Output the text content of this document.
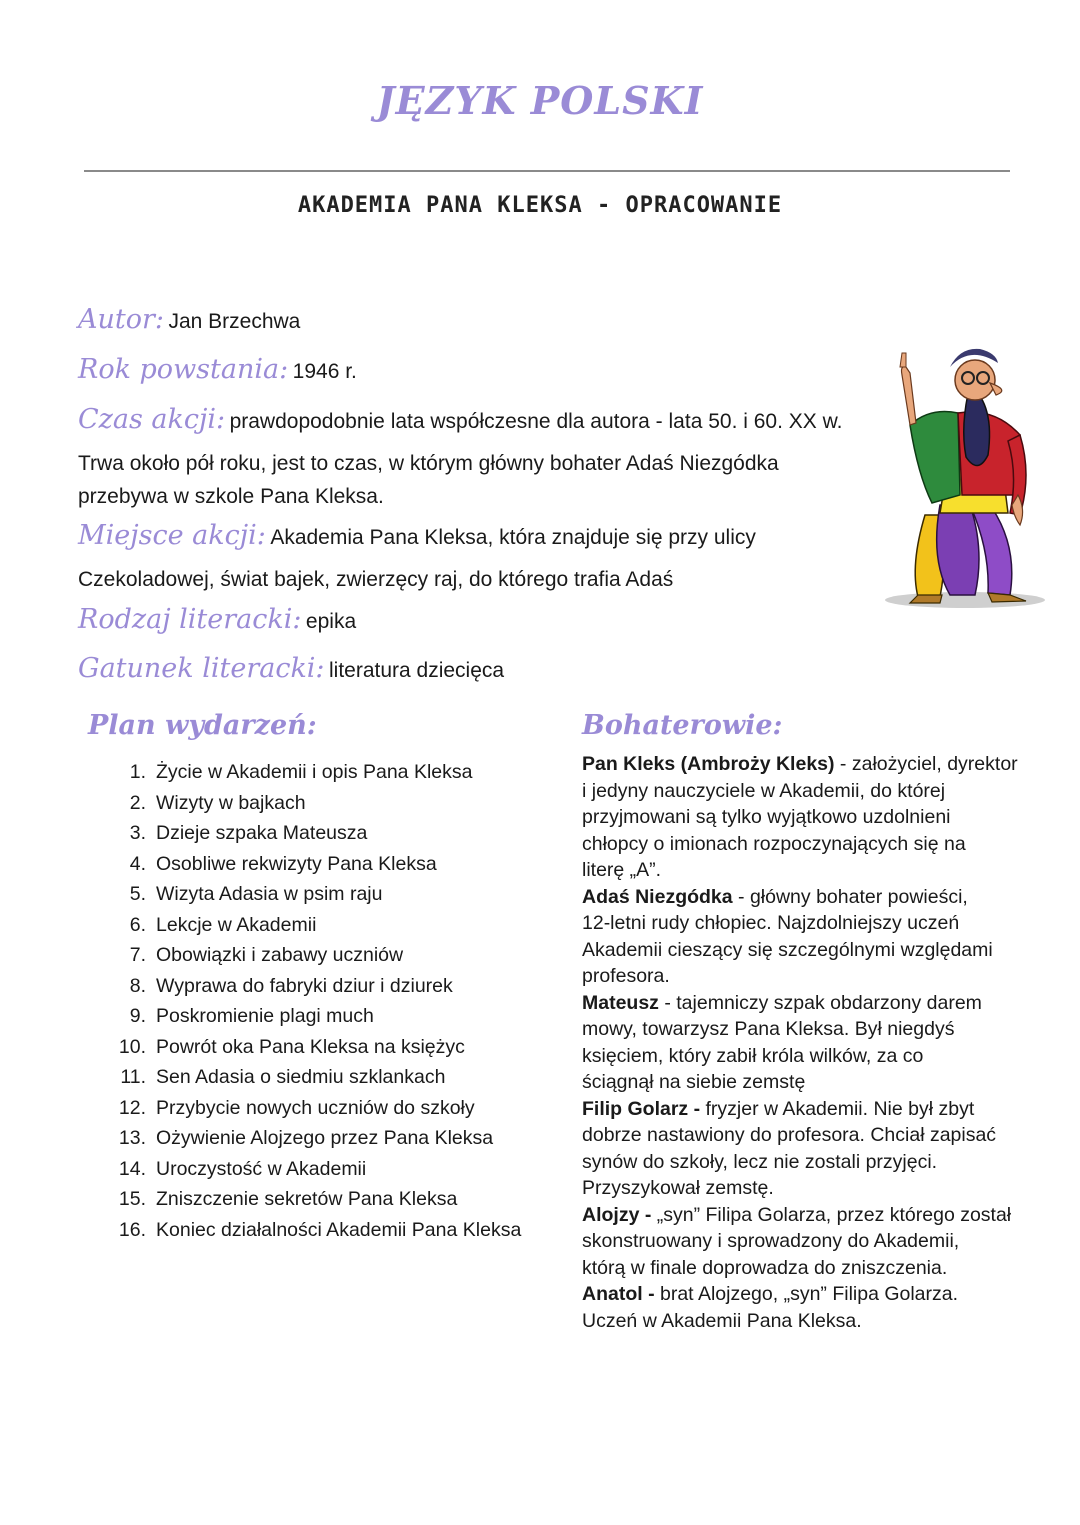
JĘZYK POLSKI
AKADEMIA PANA KLEKSA - OPRACOWANIE
Autor: Jan Brzechwa
Rok powstania: 1946 r.
Czas akcji: prawdopodobnie lata współczesne dla autora - lata 50. i 60. XX w.
Trwa około pół roku, jest to czas, w którym główny bohater Adaś Niezgódka
przebywa w szkole Pana Kleksa.
Miejsce akcji: Akademia Pana Kleksa, która znajduje się przy ulicy
Czekoladowej, świat bajek, zwierzęcy raj, do którego trafia Adaś
Rodzaj literacki: epika
Gatunek literacki: literatura dziecięca
Plan wydarzeń:
1. Życie w Akademii i opis Pana Kleksa
2. Wizyty w bajkach
3. Dzieje szpaka Mateusza
4. Osobliwe rekwizyty Pana Kleksa
5. Wizyta Adasia w psim raju
6. Lekcje w Akademii
7. Obowiązki i zabawy uczniów
8. Wyprawa do fabryki dziur i dziurek
9. Poskromienie plagi much
10. Powrót oka Pana Kleksa na księżyc
11. Sen Adasia o siedmiu szklankach
12. Przybycie nowych uczniów do szkoły
13. Ożywienie Alojzego przez Pana Kleksa
14. Uroczystość w Akademii
15. Zniszczenie sekretów Pana Kleksa
16. Koniec działalności Akademii Pana Kleksa
Bohaterowie:
Pan Kleks (Ambroży Kleks) - założyciel, dyrektor
i jedyny nauczyciele w Akademii, do której
przyjmowani są tylko wyjątkowo uzdolnieni
chłopcy o imionach rozpoczynających się na
literę „A”.
Adaś Niezgódka - główny bohater powieści,
12-letni rudy chłopiec. Najzdolniejszy uczeń
Akademii cieszący się szczególnymi względami
profesora.
Mateusz - tajemniczy szpak obdarzony darem
mowy, towarzysz Pana Kleksa. Był niegdyś
księciem, który zabił króla wilków, za co
ściągnął na siebie zemstę
Filip Golarz - fryzjer w Akademii. Nie był zbyt
dobrze nastawiony do profesora. Chciał zapisać
synów do szkoły, lecz nie zostali przyjęci.
Przyszykował zemstę.
Alojzy - „syn” Filipa Golarza, przez którego został
skonstruowany i sprowadzony do Akademii,
którą w finale doprowadza do zniszczenia.
Anatol - brat Alojzego, „syn” Filipa Golarza.
Uczeń w Akademii Pana Kleksa.
